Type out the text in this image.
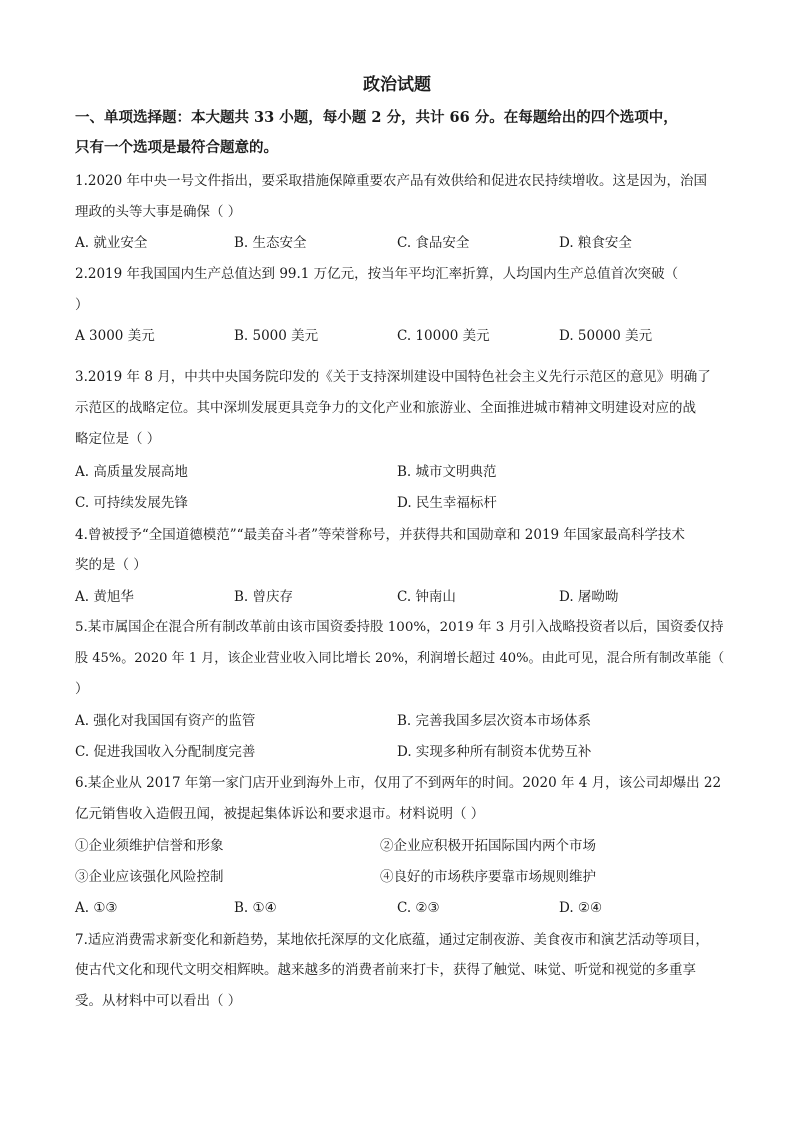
政治试题
一、单项选择题：本大题共 33 小题，每小题 2 分，共计 66 分。在每题给出的四个选项中，
只有一个选项是最符合题意的。
1.2020 年中央一号文件指出，要采取措施保障重要农产品有效供给和促进农民持续增收。这是因为，治国
理政的头等大事是确保（ ）
A. 就业安全	B. 生态安全	C. 食品安全	D. 粮食安全
2.2019 年我国国内生产总值达到 99.1 万亿元，按当年平均汇率折算，人均国内生产总值首次突破（
）
A 3000 美元	B. 5000 美元	C. 10000 美元	D. 50000 美元
3.2019 年 8 月，中共中央国务院印发的《关于支持深圳建设中国特色社会主义先行示范区的意见》明确了
示范区的战略定位。其中深圳发展更具竞争力的文化产业和旅游业、全面推进城市精神文明建设对应的战
略定位是（ ）
A. 高质量发展高地	B. 城市文明典范
C. 可持续发展先锋	D. 民生幸福标杆
4.曾被授予“全国道德模范”“最美奋斗者”等荣誉称号，并获得共和国勋章和 2019 年国家最高科学技术
奖的是（ ）
A. 黄旭华	B. 曾庆存	C. 钟南山	D. 屠呦呦
5.某市属国企在混合所有制改革前由该市国资委持股 100%，2019 年 3 月引入战略投资者以后，国资委仅持
股 45%。2020 年 1 月，该企业营业收入同比增长 20%，利润增长超过 40%。由此可见，混合所有制改革能（
）
A. 强化对我国国有资产的监管	B. 完善我国多层次资本市场体系
C. 促进我国收入分配制度完善	D. 实现多种所有制资本优势互补
6.某企业从 2017 年第一家门店开业到海外上市，仅用了不到两年的时间。2020 年 4 月，该公司却爆出 22
亿元销售收入造假丑闻，被提起集体诉讼和要求退市。材料说明（ ）
①企业须维护信誉和形象	②企业应积极开拓国际国内两个市场
③企业应该强化风险控制	④良好的市场秩序要靠市场规则维护
A. ①③	B. ①④	C. ②③	D. ②④
7.适应消费需求新变化和新趋势，某地依托深厚的文化底蕴，通过定制夜游、美食夜市和演艺活动等项目，
使古代文化和现代文明交相辉映。越来越多的消费者前来打卡，获得了触觉、味觉、听觉和视觉的多重享
受。从材料中可以看出（ ）
